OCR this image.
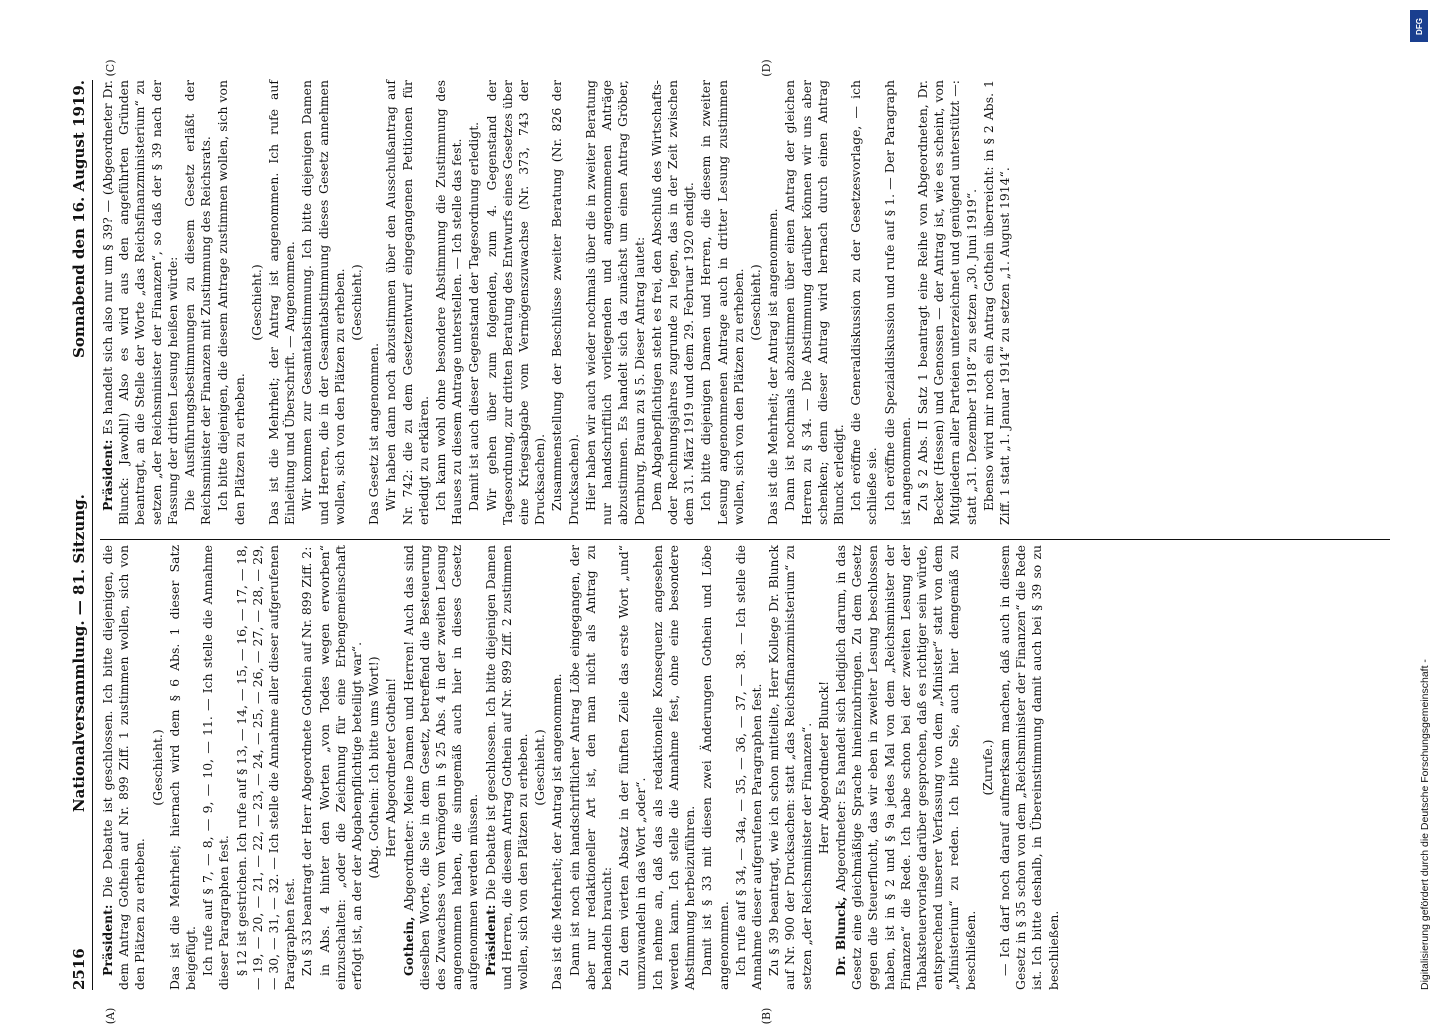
2516
Nationalversammlung. — 81. Sitzung.
Sonnabend den 16. August 1919.
(A)	(B)
(C)	(D)

Präsident: Die Debatte ist geschlossen. Ich bitte diejenigen, die dem Antrag Gothein auf Nr. 899 Ziff. 1 zustimmen wollen, sich von den Plätzen zu erheben.

(Geschieht.) Das ist die Mehrheit; hiernach wird dem § 6 Abs. 1 dieser Satz beigefügt. Ich rufe auf § 7, — 8, — 9, — 10, — 11. — Ich stelle die Annahme dieser Paragraphen fest. § 12 ist gestrichen. Ich rufe auf § 13, — 14, — 15, — 16, — 17, — 18, — 19, — 20, — 21, — 22, — 23, — 24, — 25, — 26, — 27, — 28, — 29, — 30, — 31, — 32. — Ich stelle die Annahme aller dieser aufgerufenen Paragraphen fest. Zu § 33 beantragt der Herr Abgeordnete Gothein auf Nr. 899 Ziff. 2: in Abs. 4 hinter den Worten „von Todes wegen erworben“ einzuschalten: „oder die Zeichnung für eine Erbengemeinschaft erfolgt ist, an der der Abgabenpflichtige beteiligt war“. (Abg. Gothein: Ich bitte ums Wort!) Herr Abgeordneter Gothein!

Gothein, Abgeordneter: Meine Damen und Herren! Auch das sind dieselben Worte, die Sie in dem Gesetz, betreffend die Besteuerung des Zuwachses vom Vermögen in § 25 Abs. 4 in der zweiten Lesung angenommen haben, die sinngemäß auch hier in dieses Gesetz aufgenommen werden müssen. Präsident: Die Debatte ist geschlossen. Ich bitte diejenigen Damen und Herren, die diesem Antrag Gothein auf Nr. 899 Ziff. 2 zustimmen wollen, sich von den Plätzen zu erheben. (Geschieht.) Das ist die Mehrheit; der Antrag ist angenommen. Dann ist noch ein handschriftlicher Antrag Löbe eingegangen, der aber nur redaktioneller Art ist, den man nicht als Antrag zu behandeln braucht: Zu dem vierten Absatz in der fünften Zeile das erste Wort „und“ umzuwandeln in das Wort „oder“. Ich nehme an, daß das als redaktionelle Konsequenz angesehen werden kann. Ich stelle die Annahme fest, ohne eine besondere Abstimmung herbeizuführen. Damit ist § 33 mit diesen zwei Änderungen Gothein und Löbe angenommen. Ich rufe auf § 34, — 34a, — 35, — 36, — 37, — 38. — Ich stelle die Annahme dieser aufgerufenen Paragraphen fest. Zu § 39 beantragt, wie ich schon mitteilte, Herr Kollege Dr. Blunck auf Nr. 900 der Drucksachen: statt „das Reichsfinanzministerium“ zu setzen „der Reichsminister der Finanzen“. Herr Abgeordneter Blunck!

Dr. Blunck, Abgeordneter: Es handelt sich lediglich darum, in das Gesetz eine gleichmäßige Sprache hineinzubringen. Zu dem Gesetz gegen die Steuerflucht, das wir eben in zweiter Lesung beschlossen haben, ist in § 2 und § 9a jedes Mal von dem „Reichsminister der Finanzen“ die Rede. Ich habe schon bei der zweiten Lesung der Tabaksteuervorlage darüber gesprochen, daß es richtiger sein würde, entsprechend unserer Verfassung von dem „Minister“ statt von dem „Ministerium“ zu reden. Ich bitte Sie, auch hier demgemäß zu beschließen.

(Zurufe.) — Ich darf noch darauf aufmerksam machen, daß auch in diesem Gesetz in § 35 schon von dem „Reichsminister der Finanzen“ die Rede ist. Ich bitte deshalb, in Übereinstimmung damit auch bei § 39 so zu beschließen.

Präsident: Es handelt sich also nur um § 39? — (Abgeordneter Dr. Blunck: Jawohl!) Also es wird aus den angeführten Gründen beantragt, an die Stelle der Worte „das Reichsfinanzministerium“ zu setzen „der Reichsminister der Finanzen“, so daß der § 39 nach der Fassung der dritten Lesung heißen würde: Die Ausführungsbestimmungen zu diesem Gesetz erläßt der Reichsminister der Finanzen mit Zustimmung des Reichsrats. Ich bitte diejenigen, die diesem Antrage zustimmen wollen, sich von den Plätzen zu erheben.

(Geschieht.) Das ist die Mehrheit; der Antrag ist angenommen. Ich rufe auf Einleitung und Überschrift. — Angenommen. Wir kommen zur Gesamtabstimmung. Ich bitte diejenigen Damen und Herren, die in der Gesamtabstimmung dieses Gesetz annehmen wollen, sich von den Plätzen zu erheben. (Geschieht.)

Das Gesetz ist angenommen. Wir haben dann noch abzustimmen über den Ausschußantrag auf Nr. 742: die zu dem Gesetzentwurf eingegangenen Petitionen für erledigt zu erklären. Ich kann wohl ohne besondere Abstimmung die Zustimmung des Hauses zu diesem Antrage unterstellen. — Ich stelle das fest. Damit ist auch dieser Gegenstand der Tagesordnung erledigt. Wir gehen über zum folgenden, zum 4. Gegenstand der Tagesordnung, zur dritten Beratung des Entwurfs eines Gesetzes über eine Kriegsabgabe vom Vermögenszuwachse (Nr. 373, 743 der Drucksachen). Zusammenstellung der Beschlüsse zweiter Beratung (Nr. 826 der Drucksachen). Hier haben wir auch wieder nochmals über die in zweiter Beratung nur handschriftlich vorliegenden und angenommenen Anträge abzustimmen. Es handelt sich da zunächst um einen Antrag Gröber, Dernburg, Braun zu § 5. Dieser Antrag lautet: Dem Abgabepflichtigen steht es frei, den Abschluß des Wirtschafts- oder Rechnungsjahres zugrunde zu legen, das in der Zeit zwischen dem 31. März 1919 und dem 29. Februar 1920 endigt. Ich bitte diejenigen Damen und Herren, die diesem in zweiter Lesung angenommenen Antrage auch in dritter Lesung zustimmen wollen, sich von den Plätzen zu erheben. (Geschieht.) Das ist die Mehrheit; der Antrag ist angenommen. Dann ist nochmals abzustimmen über einen Antrag der gleichen Herren zu § 34. — Die Abstimmung darüber können wir uns aber schenken; denn dieser Antrag wird hernach durch einen Antrag Blunck erledigt. Ich eröffne die Generaldiskussion zu der Gesetzesvorlage, — ich schließe sie. Ich eröffne die Spezialdiskussion und rufe auf § 1. — Der Paragraph ist angenommen. Zu § 2 Abs. II Satz 1 beantragt eine Reihe von Abgeordneten, Dr. Becker (Hessen) und Genossen — der Antrag ist, wie es scheint, von Mitgliedern aller Parteien unterzeichnet und genügend unterstützt —: statt „31. Dezember 1918“ zu setzen „30. Juni 1919“. Ebenso wird mir noch ein Antrag Gothein überreicht: in § 2 Abs. 1 Ziff. 1 statt „1. Januar 1914“ zu setzen „1. August 1914“.

DFG
Digitalisierung gefördert durch die Deutsche Forschungsgemeinschaft -
